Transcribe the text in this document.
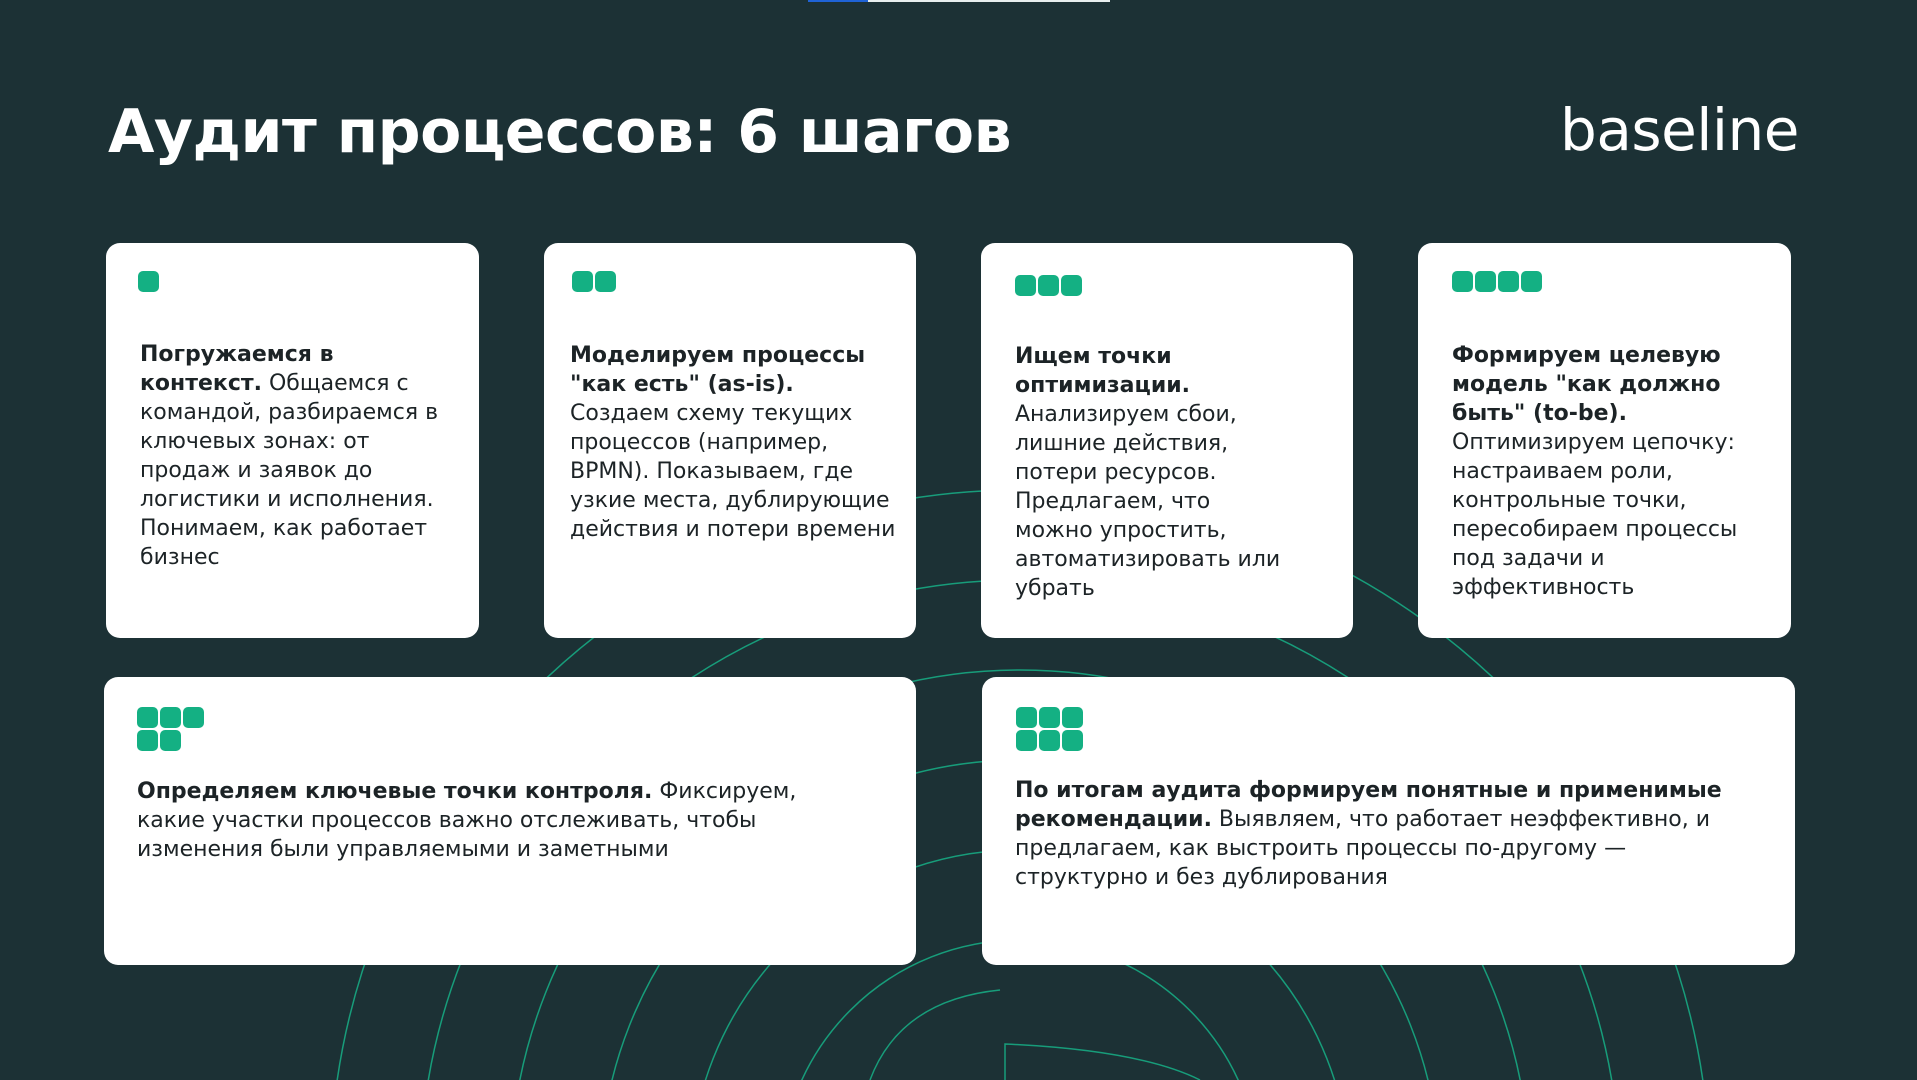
Аудит процессов: 6 шагов	baseline
Погружаемся в контекст. Общаемся с командой, разбираемся в ключевых зонах: от продаж и заявок до логистики и исполнения. Понимаем, как работает бизнес
Моделируем процессы "как есть" (as-is). Создаем схему текущих процессов (например, BPMN). Показываем, где узкие места, дублирующие действия и потери времени
Ищем точки оптимизации. Анализируем сбои, лишние действия, потери ресурсов. Предлагаем, что можно упростить, автоматизировать или убрать
Формируем целевую модель "как должно быть" (to-be). Оптимизируем цепочку: настраиваем роли, контрольные точки, пересобираем процессы под задачи и эффективность
Определяем ключевые точки контроля. Фиксируем, какие участки процессов важно отслеживать, чтобы изменения были управляемыми и заметными
По итогам аудита формируем понятные и применимые рекомендации. Выявляем, что работает неэффективно, и предлагаем, как выстроить процессы по-другому — структурно и без дублирования
